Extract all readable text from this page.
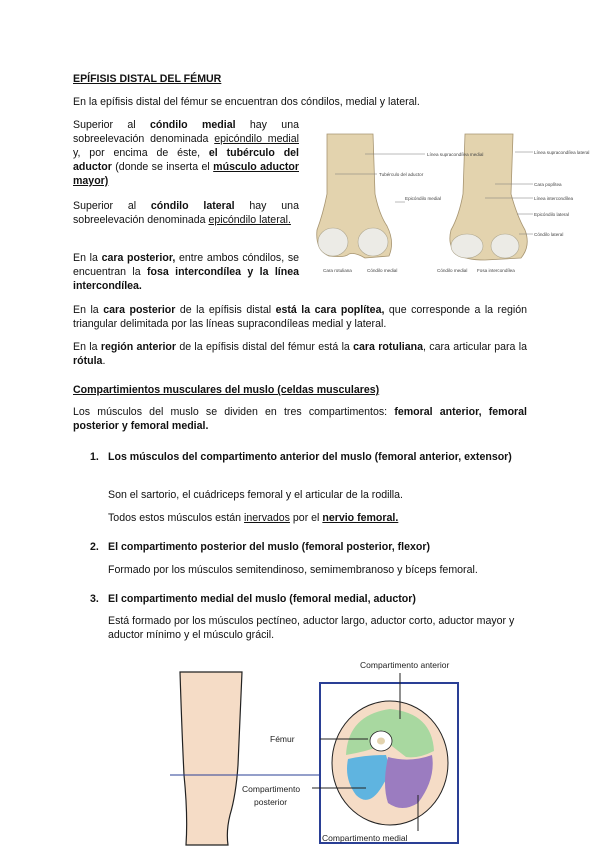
EPÍFISIS DISTAL DEL FÉMUR

En la epífisis distal del fémur se encuentran dos cóndilos, medial y lateral.

Superior al cóndilo medial hay una sobreelevación denominada epicóndilo medial y, por encima de éste, el tubérculo del aductor (donde se inserta el músculo aductor mayor)

Superior al cóndilo lateral hay una sobreelevación denominada epicóndilo lateral.

En la cara posterior, entre ambos cóndilos, se encuentran la fosa intercondílea y la línea intercondílea.

En la cara posterior de la epífisis distal está la cara poplítea, que corresponde a la región triangular delimitada por las líneas supracondíleas medial y lateral.

En la región anterior de la epífisis distal del fémur está la cara rotuliana, cara articular para la rótula.

Compartimientos musculares del muslo (celdas musculares)

Los músculos del muslo se dividen en tres compartimentos: femoral anterior, femoral posterior y femoral medial.

1. Los músculos del compartimento anterior del muslo (femoral anterior, extensor)
Son el sartorio, el cuádriceps femoral y el articular de la rodilla.
Todos estos músculos están inervados por el nervio femoral.
2. El compartimento posterior del muslo (femoral posterior, flexor)
Formado por los músculos semitendinoso, semimembranoso y bíceps femoral.
3. El compartimento medial del muslo (femoral medial, aductor)
Está formado por los músculos pectíneo, aductor largo, aductor corto, aductor mayor y aductor mínimo y el músculo grácil.
Línea supracondílea medial	Línea supracondílea lateral
Tubérculo del aductor
Cara poplítea
Epicóndilo medial	Línea intercondílea
Epicóndilo lateral
Cóndilo lateral
Cara rotuliana	Cóndilo medial	Cóndilo medial Fosa intercondílea
Compartimento anterior
Fémur
Compartimento
posterior
Compartimento medial
